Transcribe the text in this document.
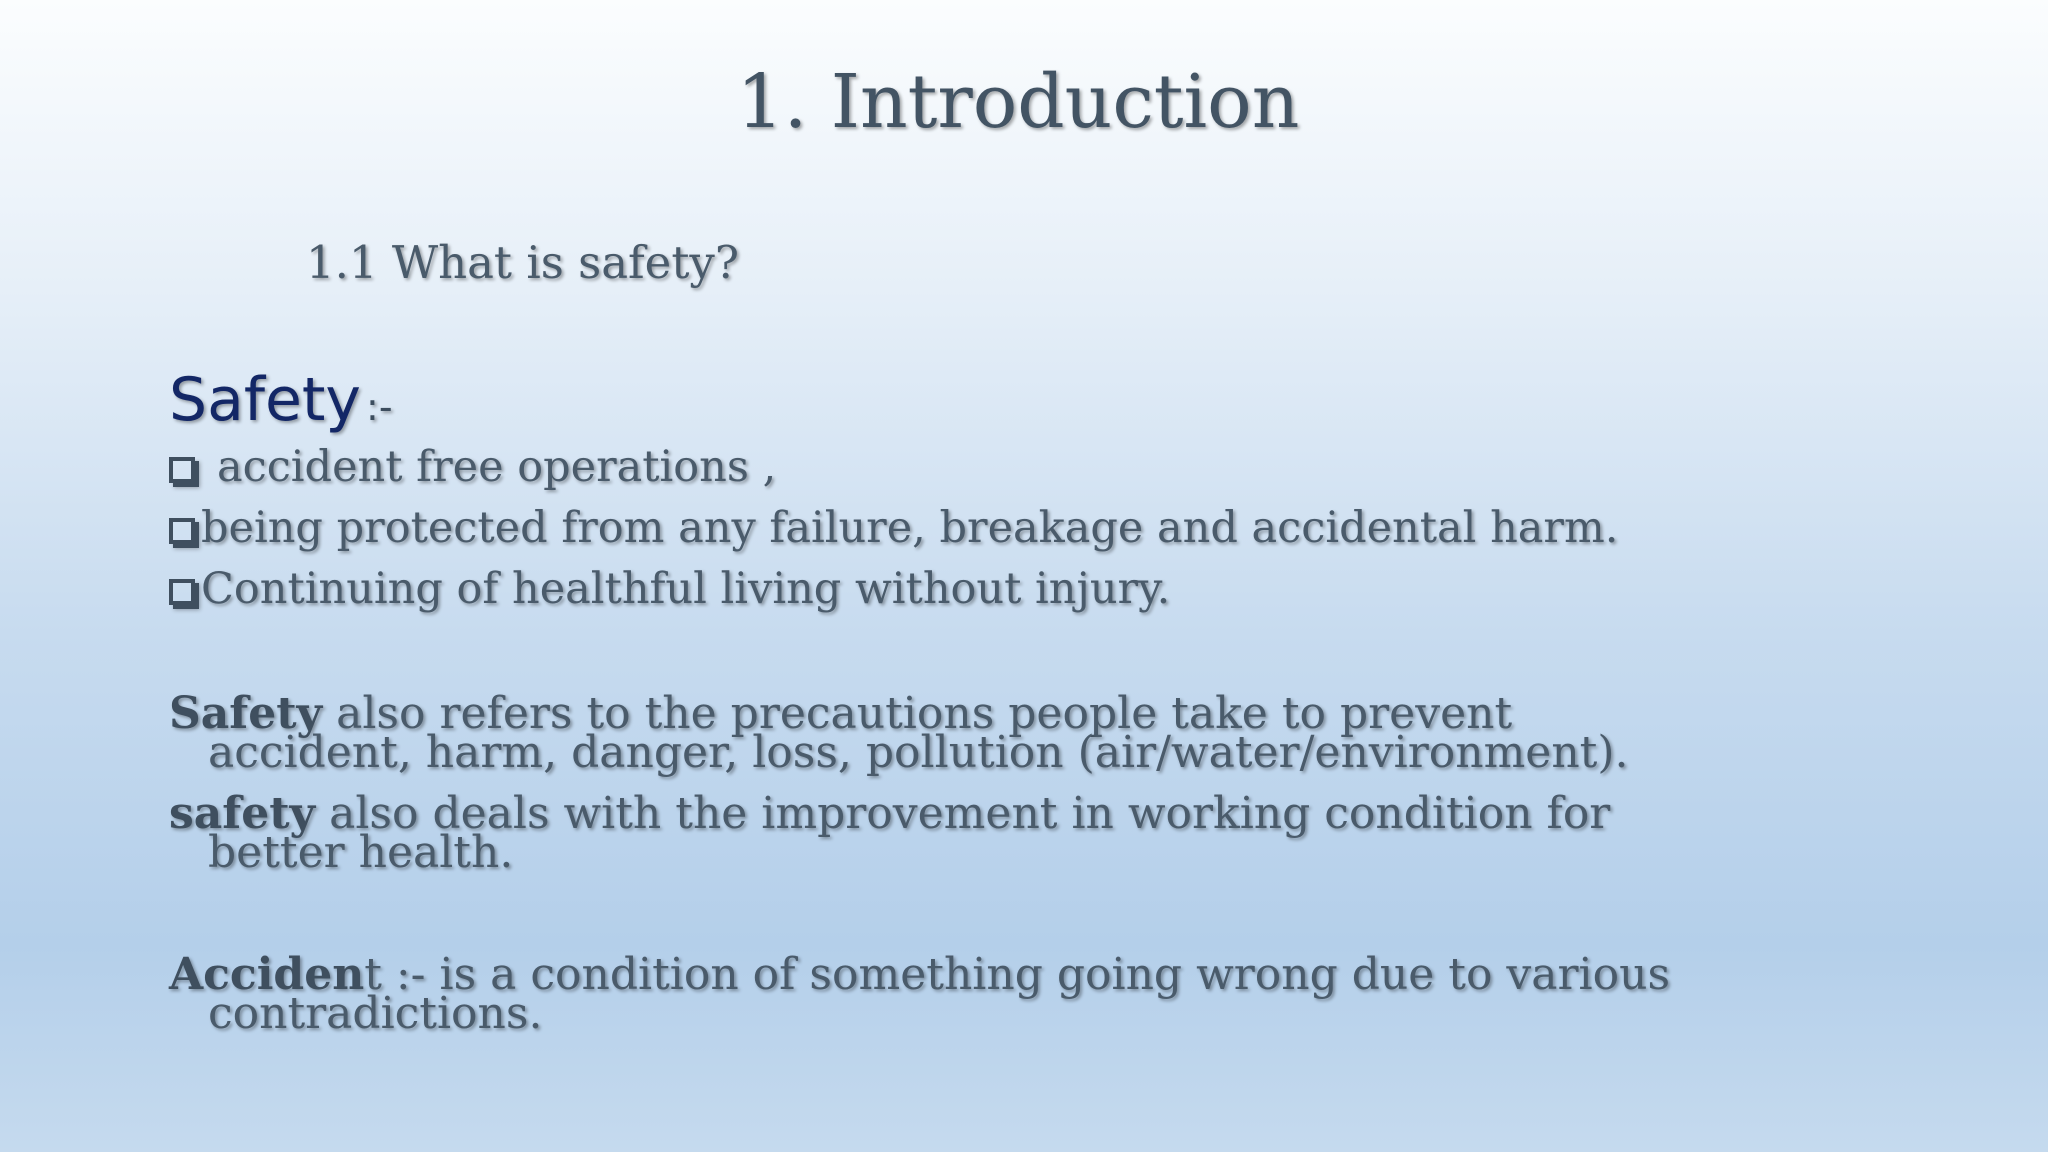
1. Introduction
1.1 What is safety?
Safety :-
accident free operations ,
being protected from any failure, breakage and accidental harm.
Continuing of healthful living without injury.

Safety also refers to the precautions people take to prevent
accident, harm, danger, loss, pollution (air/water/environment).

safety also deals with the improvement in working condition for
better health.

Accident :- is a condition of something going wrong due to various
contradictions.
